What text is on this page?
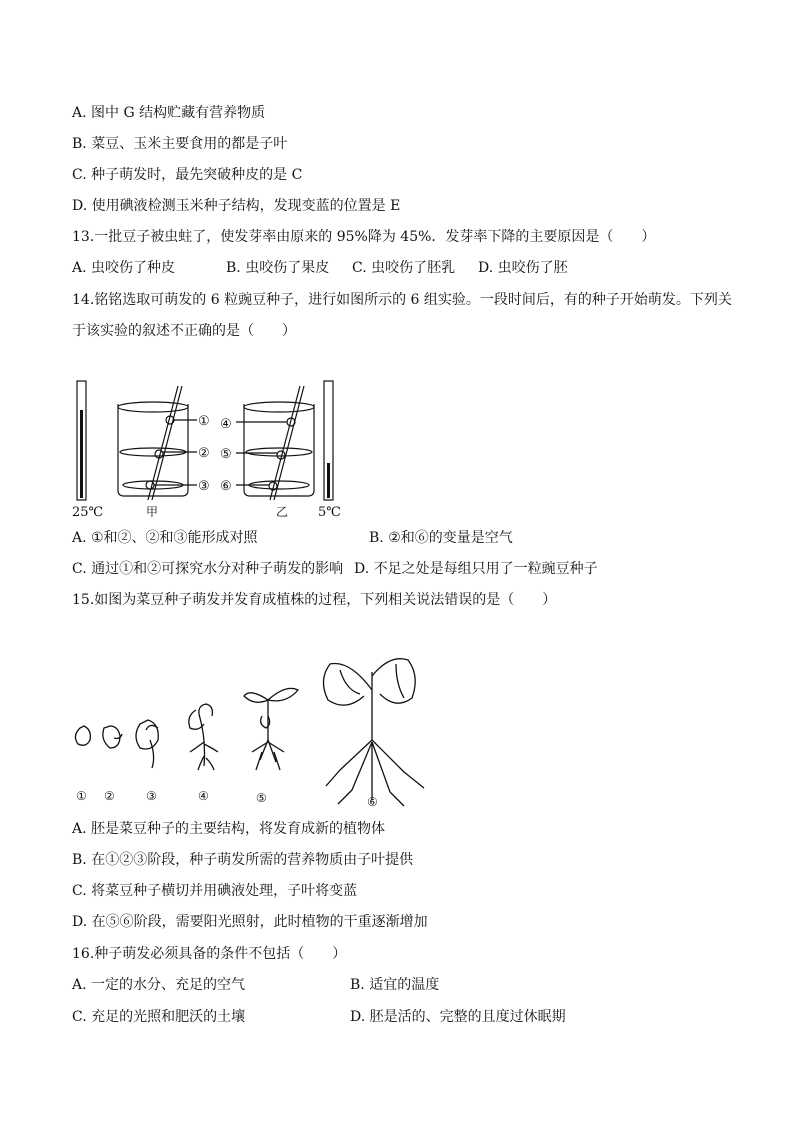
A. 图中 G 结构贮藏有营养物质
B. 菜豆、玉米主要食用的都是子叶
C. 种子萌发时，最先突破种皮的是 C
D. 使用碘液检测玉米种子结构，发现变蓝的位置是 E
13.一批豆子被虫蛀了，使发芽率由原来的 95%降为 45%．发芽率下降的主要原因是（　　）
A. 虫咬伤了种皮	B. 虫咬伤了果皮 C. 虫咬伤了胚乳 D. 虫咬伤了胚
14.铭铭选取可萌发的 6 粒豌豆种子，进行如图所示的 6 组实验。一段时间后，有的种子开始萌发。下列关
于该实验的叙述不正确的是（　　）
①
②
③
④
⑤
⑥
25℃	5℃
甲	乙
① ②	③	④	⑤	⑥
A. ①和②、②和③能形成对照	B. ②和⑥的变量是空气
C. 通过①和②可探究水分对种子萌发的影响 D. 不足之处是每组只用了一粒豌豆种子
15.如图为菜豆种子萌发并发育成植株的过程，下列相关说法错误的是（　　）
A. 胚是菜豆种子的主要结构，将发育成新的植物体
B. 在①②③阶段，种子萌发所需的营养物质由子叶提供
C. 将菜豆种子横切并用碘液处理，子叶将变蓝
D. 在⑤⑥阶段，需要阳光照射，此时植物的干重逐渐增加
16.种子萌发必须具备的条件不包括（　　）
A. 一定的水分、充足的空气	B. 适宜的温度
C. 充足的光照和肥沃的土壤	D. 胚是活的、完整的且度过休眠期
